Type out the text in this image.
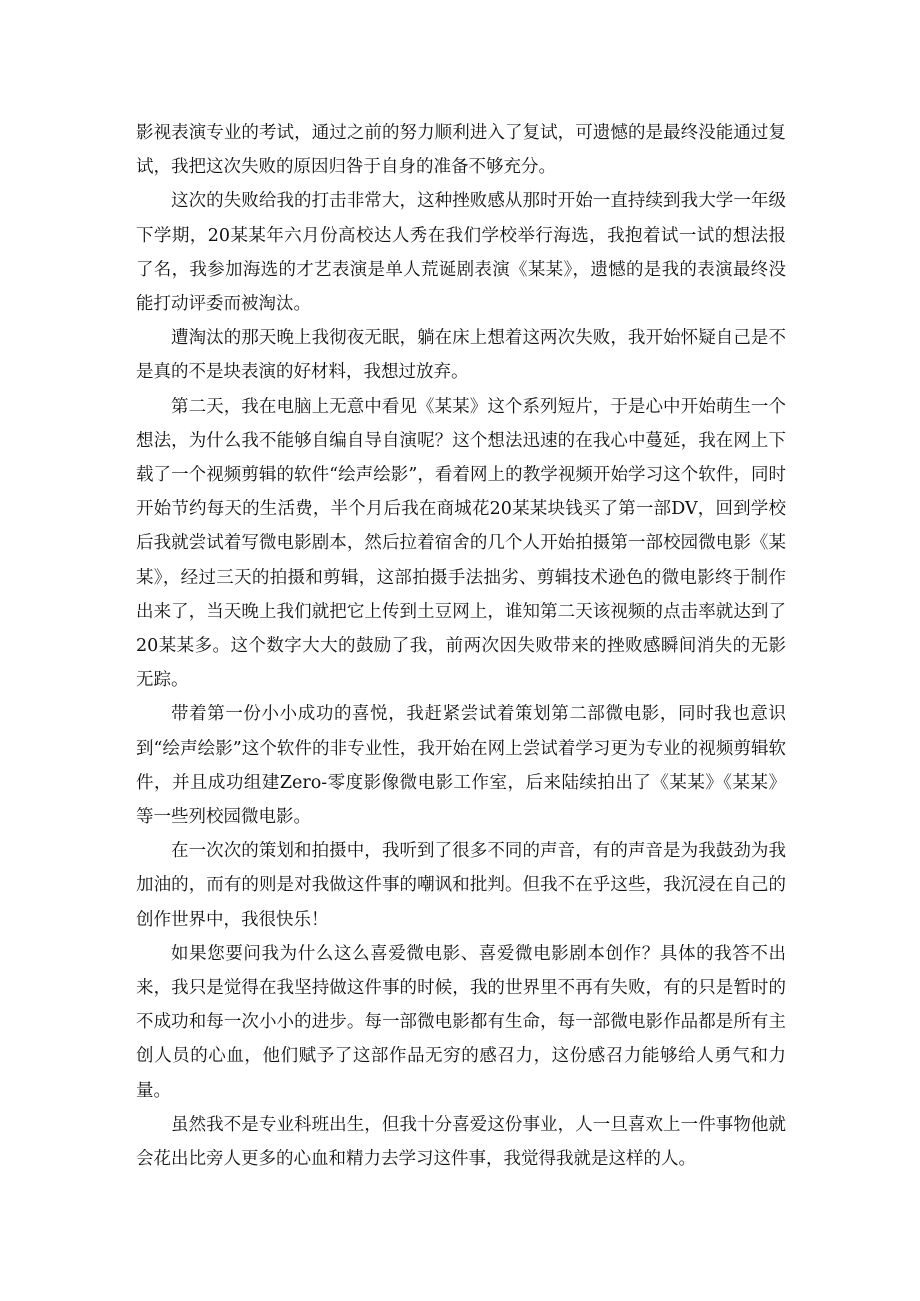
影视表演专业的考试，通过之前的努力顺利进入了复试，可遗憾的是最终没能通过复试，我把这次失败的原因归咎于自身的准备不够充分。

这次的失败给我的打击非常大，这种挫败感从那时开始一直持续到我大学一年级下学期，20某某年六月份高校达人秀在我们学校举行海选，我抱着试一试的想法报了名，我参加海选的才艺表演是单人荒诞剧表演《某某》，遗憾的是我的表演最终没能打动评委而被淘汰。

遭淘汰的那天晚上我彻夜无眠，躺在床上想着这两次失败，我开始怀疑自己是不是真的不是块表演的好材料，我想过放弃。

第二天，我在电脑上无意中看见《某某》这个系列短片，于是心中开始萌生一个想法，为什么我不能够自编自导自演呢？这个想法迅速的在我心中蔓延，我在网上下载了一个视频剪辑的软件“绘声绘影”，看着网上的教学视频开始学习这个软件，同时开始节约每天的生活费，半个月后我在商城花20某某块钱买了第一部DV，回到学校后我就尝试着写微电影剧本，然后拉着宿舍的几个人开始拍摄第一部校园微电影《某某》，经过三天的拍摄和剪辑，这部拍摄手法拙劣、剪辑技术逊色的微电影终于制作出来了，当天晚上我们就把它上传到土豆网上，谁知第二天该视频的点击率就达到了20某某多。这个数字大大的鼓励了我，前两次因失败带来的挫败感瞬间消失的无影无踪。

带着第一份小小成功的喜悦，我赶紧尝试着策划第二部微电影，同时我也意识到“绘声绘影”这个软件的非专业性，我开始在网上尝试着学习更为专业的视频剪辑软件，并且成功组建Zero-零度影像微电影工作室，后来陆续拍出了《某某》《某某》等一些列校园微电影。

在一次次的策划和拍摄中，我听到了很多不同的声音，有的声音是为我鼓劲为我加油的，而有的则是对我做这件事的嘲讽和批判。但我不在乎这些，我沉浸在自己的创作世界中，我很快乐！

如果您要问我为什么这么喜爱微电影、喜爱微电影剧本创作？具体的我答不出来，我只是觉得在我坚持做这件事的时候，我的世界里不再有失败，有的只是暂时的不成功和每一次小小的进步。每一部微电影都有生命，每一部微电影作品都是所有主创人员的心血，他们赋予了这部作品无穷的感召力，这份感召力能够给人勇气和力量。

虽然我不是专业科班出生，但我十分喜爱这份事业，人一旦喜欢上一件事物他就会花出比旁人更多的心血和精力去学习这件事，我觉得我就是这样的人。
